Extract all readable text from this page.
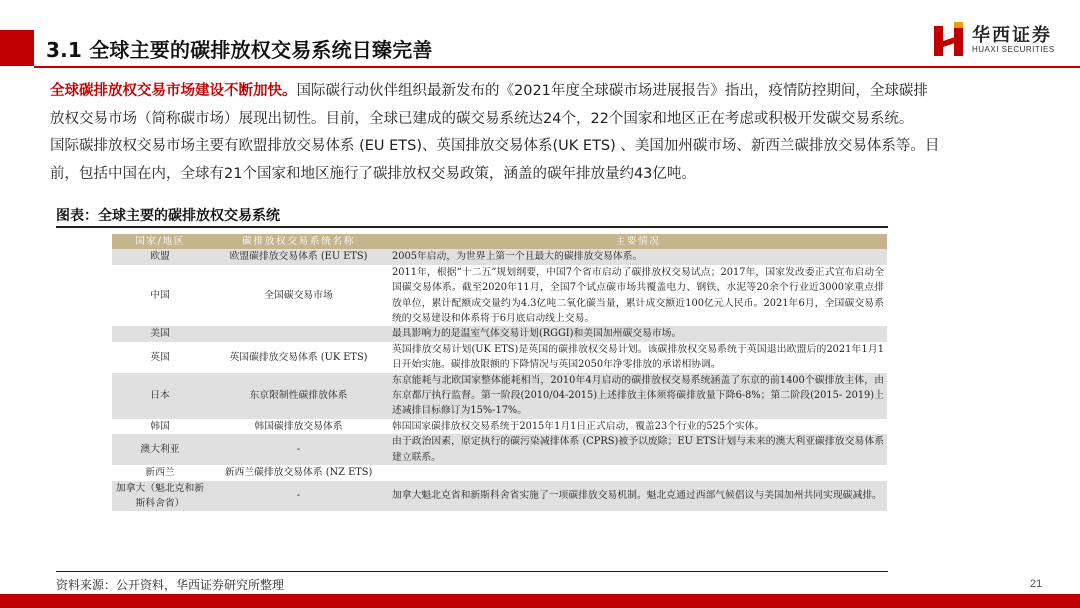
3.1 全球主要的碳排放权交易系统日臻完善
华西证券
HUAXI SECURITIES
全球碳排放权交易市场建设不断加快。国际碳行动伙伴组织最新发布的《2021年度全球碳市场进展报告》指出，疫情防控期间，全球碳排
放权交易市场（简称碳市场）展现出韧性。目前，全球已建成的碳交易系统达24个，22个国家和地区正在考虑或积极开发碳交易系统。
国际碳排放权交易市场主要有欧盟排放交易体系 (EU ETS)、英国排放交易体系(UK ETS) 、美国加州碳市场、新西兰碳排放交易体系等。目
前，包括中国在内，全球有21个国家和地区施行了碳排放权交易政策，涵盖的碳年排放量约43亿吨。
图表：全球主要的碳排放权交易系统
国家/地区	碳排放权交易系统名称	主要情况
欧盟	欧盟碳排放交易体系 (EU ETS)	2005年启动，为世界上第一个且最大的碳排放交易体系。
中国	全国碳交易市场	2011年，根据“十二五”规划纲要，中国7个省市启动了碳排放权交易试点；2017年，国家发改委正式宣布启动全国碳交易体系。截至2020年11月，全国7个试点碳市场共覆盖电力、钢铁、水泥等20余个行业近3000家重点排放单位，累计配额成交量约为4.3亿吨二氧化碳当量，累计成交额近100亿元人民币。2021年6月，全国碳交易系统的交易建设和体系将于6月底启动线上交易。
美国		最具影响力的是温室气体交易计划(RGGI)和美国加州碳交易市场。
英国	英国碳排放交易体系 (UK ETS)	英国排放交易计划(UK ETS)是英国的碳排放权交易计划。该碳排放权交易系统于英国退出欧盟后的2021年1月1日开始实施。碳排放限额的下降情况与英国2050年净零排放的承诺相协调。
日本	东京限制性碳排放体系	东京能耗与北欧国家整体能耗相当，2010年4月启动的碳排放权交易系统涵盖了东京的前1400个碳排放主体，由东京都厅执行监督。第一阶段(2010/04-2015)上述排放主体须将碳排放量下降6-8%；第二阶段(2015- 2019)上述减排目标修订为15%-17%。
韩国	韩国碳排放交易体系	韩国国家碳排放权交易系统于2015年1月1日正式启动，覆盖23个行业的525个实体。
澳大利亚	-	由于政治因素，原定执行的碳污染减排体系 (CPRS)被予以废除；EU ETS计划与未来的澳大利亚碳排放交易体系建立联系。
新西兰	新西兰碳排放交易体系 (NZ ETS)	
加拿大（魁北克和新斯科舍省）	-	加拿大魁北克省和新斯科舍省实施了一项碳排放交易机制。魁北克通过西部气候倡议与美国加州共同实现碳减排。
资料来源：公开资料，华西证券研究所整理	21
